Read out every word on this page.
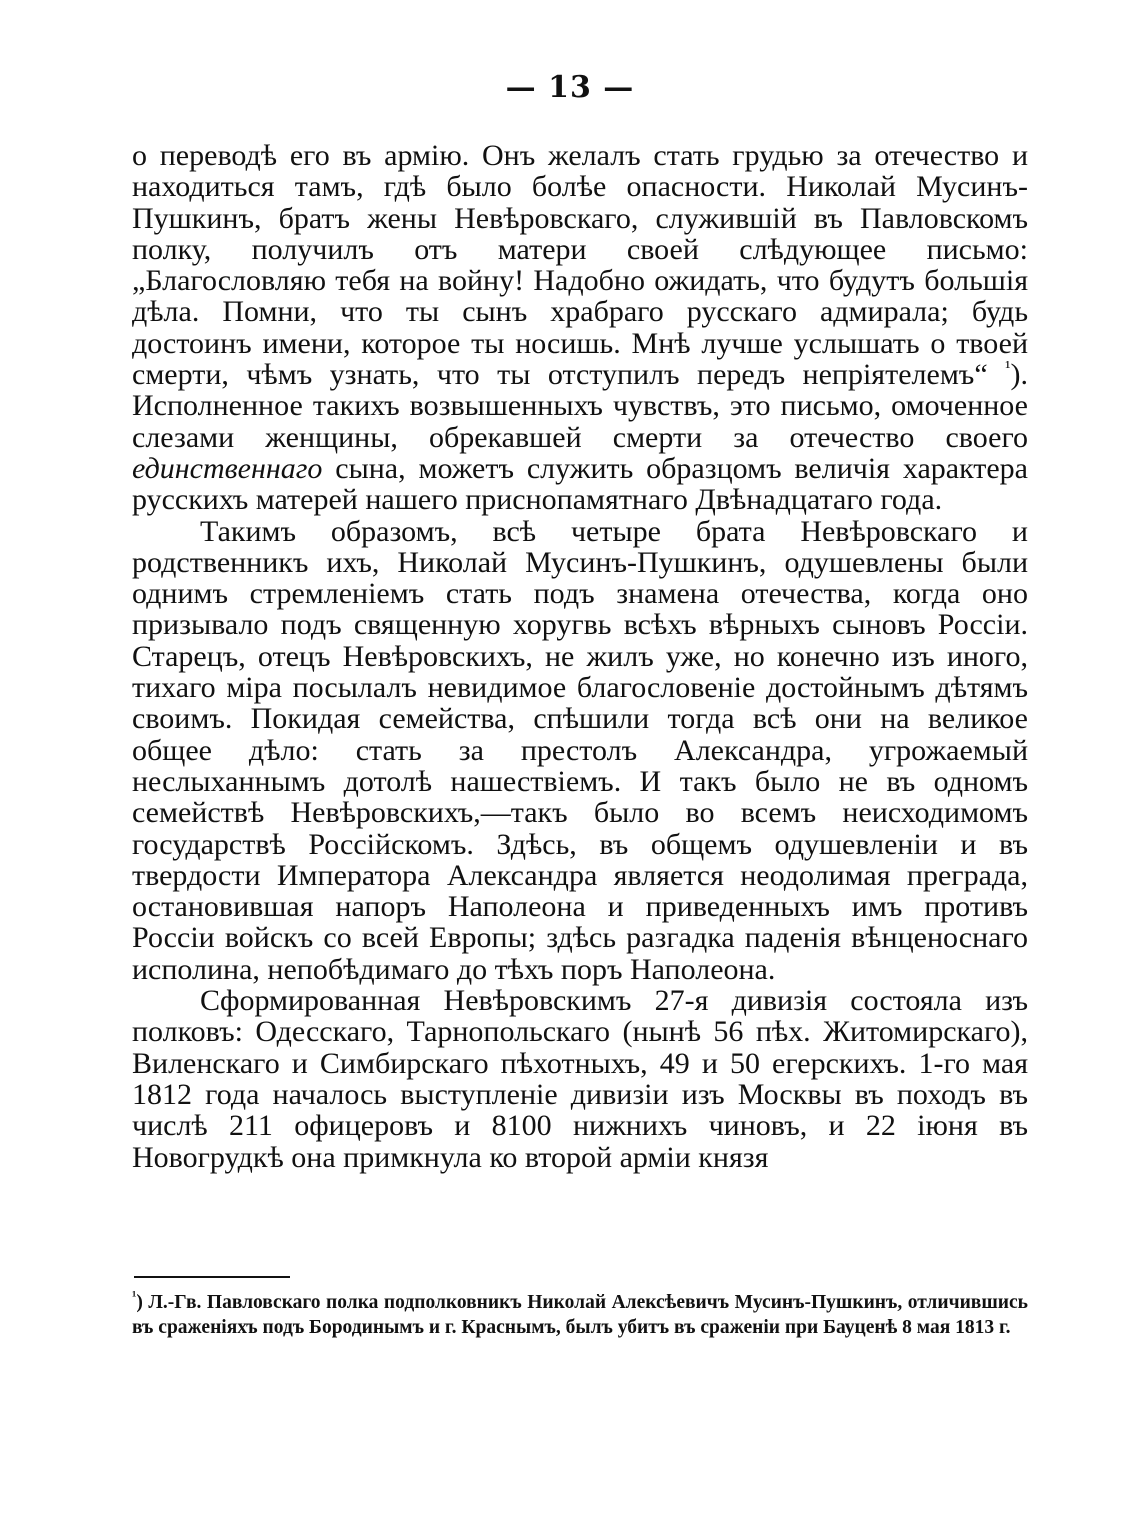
— 13 —

о переводѣ его въ армію. Онъ желалъ стать грудью за отечество и находиться тамъ, гдѣ было болѣе опасности. Николай Мусинъ-Пушкинъ, братъ жены Невѣровскаго, служившій въ Павловскомъ полку, получилъ отъ матери своей слѣдующее письмо: „Благословляю тебя на войну! Надобно ожидать, что будутъ большія дѣла. Помни, что ты сынъ храбраго русскаго адмирала; будь достоинъ имени, которое ты носишь. Мнѣ лучше услышать о твоей смерти, чѣмъ узнать, что ты отступилъ передъ непріятелемъ“ $^{^1}$). Исполненное такихъ возвышенныхъ чувствъ, это письмо, омоченное слезами женщины, обрекавшей смерти за отечество своего единственнаго сына, можетъ служить образцомъ величія характера русскихъ матерей нашего приснопамятнаго Двѣнадцатаго года.

Такимъ образомъ, всѣ четыре брата Невѣровскаго и родственникъ ихъ, Николай Мусинъ-Пушкинъ, одушевлены были однимъ стремленіемъ стать подъ знамена отечества, когда оно призывало подъ священную хоругвь всѣхъ вѣрныхъ сыновъ Россіи. Старецъ, отецъ Невѣровскихъ, не жилъ уже, но конечно изъ иного, тихаго міра посылалъ невидимое благословеніе достойнымъ дѣтямъ своимъ. Покидая семейства, спѣшили тогда всѣ они на великое общее дѣло: стать за престолъ Александра, угрожаемый неслыханнымъ дотолѣ нашествіемъ. И такъ было не въ одномъ семействѣ Невѣровскихъ,—такъ было во всемъ неисходимомъ государствѣ Россійскомъ. Здѣсь, въ общемъ одушевленіи и въ твердости Императора Александра является неодолимая преграда, остановившая напоръ Наполеона и приведенныхъ имъ противъ Россіи войскъ со всей Европы; здѣсь разгадка паденія вѣнценоснаго исполина, непобѣдимаго до тѣхъ поръ Наполеона.

Сформированная Невѣровскимъ 27-я дивизія состояла изъ полковъ: Одесскаго, Тарнопольскаго (нынѣ 56 пѣх. Житомирскаго), Виленскаго и Симбирскаго пѣхотныхъ, 49 и 50 егерскихъ. 1-го мая 1812 года началось выступленіе дивизіи изъ Москвы въ походъ въ числѣ 211 офицеровъ и 8100 нижнихъ чиновъ, и 22 іюня въ Новогрудкѣ она примкнула ко второй арміи князя

$^{^1}$) Л.-Гв. Павловскаго полка подполковникъ Николай Алексѣевичъ Мусинъ-Пушкинъ, отличившись въ сраженіяхъ подъ Бородинымъ и г. Краснымъ, былъ убитъ въ сраженіи при Бауценѣ 8 мая 1813 г.
